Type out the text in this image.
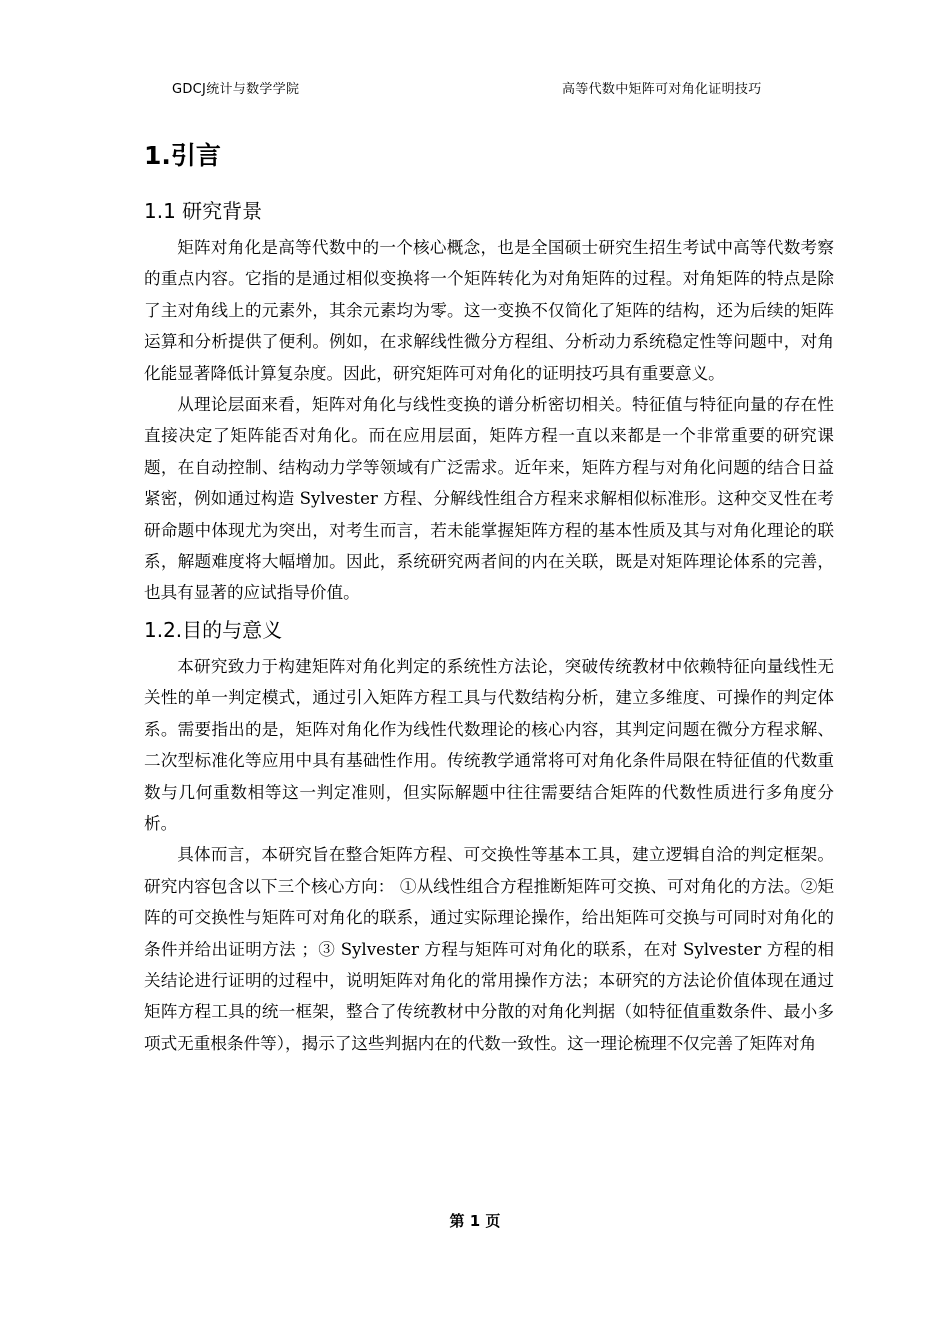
GDCJ统计与数学学院	高等代数中矩阵可对角化证明技巧
1.引言
1.1 研究背景

矩阵对角化是高等代数中的一个核心概念，也是全国硕士研究生招生考试中高等代数考察的重点内容。它指的是通过相似变换将一个矩阵转化为对角矩阵的过程。对角矩阵的特点是除了主对角线上的元素外，其余元素均为零。这一变换不仅简化了矩阵的结构，还为后续的矩阵运算和分析提供了便利。例如，在求解线性微分方程组、分析动力系统稳定性等问题中，对角化能显著降低计算复杂度。因此，研究矩阵可对角化的证明技巧具有重要意义。

从理论层面来看，矩阵对角化与线性变换的谱分析密切相关。特征值与特征向量的存在性直接决定了矩阵能否对角化。而在应用层面，矩阵方程一直以来都是一个非常重要的研究课题，在自动控制、结构动力学等领域有广泛需求。近年来，矩阵方程与对角化问题的结合日益紧密，例如通过构造 Sylvester 方程、分解线性组合方程来求解相似标准形。这种交叉性在考研命题中体现尤为突出，对考生而言，若未能掌握矩阵方程的基本性质及其与对角化理论的联系，解题难度将大幅增加。因此，系统研究两者间的内在关联，既是对矩阵理论体系的完善，也具有显著的应试指导价值。

1.2.目的与意义

本研究致力于构建矩阵对角化判定的系统性方法论，突破传统教材中依赖特征向量线性无关性的单一判定模式，通过引入矩阵方程工具与代数结构分析，建立多维度、可操作的判定体系。需要指出的是，矩阵对角化作为线性代数理论的核心内容，其判定问题在微分方程求解、二次型标准化等应用中具有基础性作用。传统教学通常将可对角化条件局限在特征值的代数重数与几何重数相等这一判定准则，但实际解题中往往需要结合矩阵的代数性质进行多角度分析。

具体而言，本研究旨在整合矩阵方程、可交换性等基本工具，建立逻辑自洽的判定框架。研究内容包含以下三个核心方向： ①从线性组合方程推断矩阵可交换、可对角化的方法。②矩阵的可交换性与矩阵可对角化的联系，通过实际理论操作，给出矩阵可交换与可同时对角化的条件并给出证明方法 ；③ Sylvester 方程与矩阵可对角化的联系，在对 Sylvester 方程的相关结论进行证明的过程中，说明矩阵对角化的常用操作方法；本研究的方法论价值体现在通过矩阵方程工具的统一框架，整合了传统教材中分散的对角化判据（如特征值重数条件、最小多项式无重根条件等），揭示了这些判据内在的代数一致性。这一理论梳理不仅完善了矩阵对角

第 1 页
